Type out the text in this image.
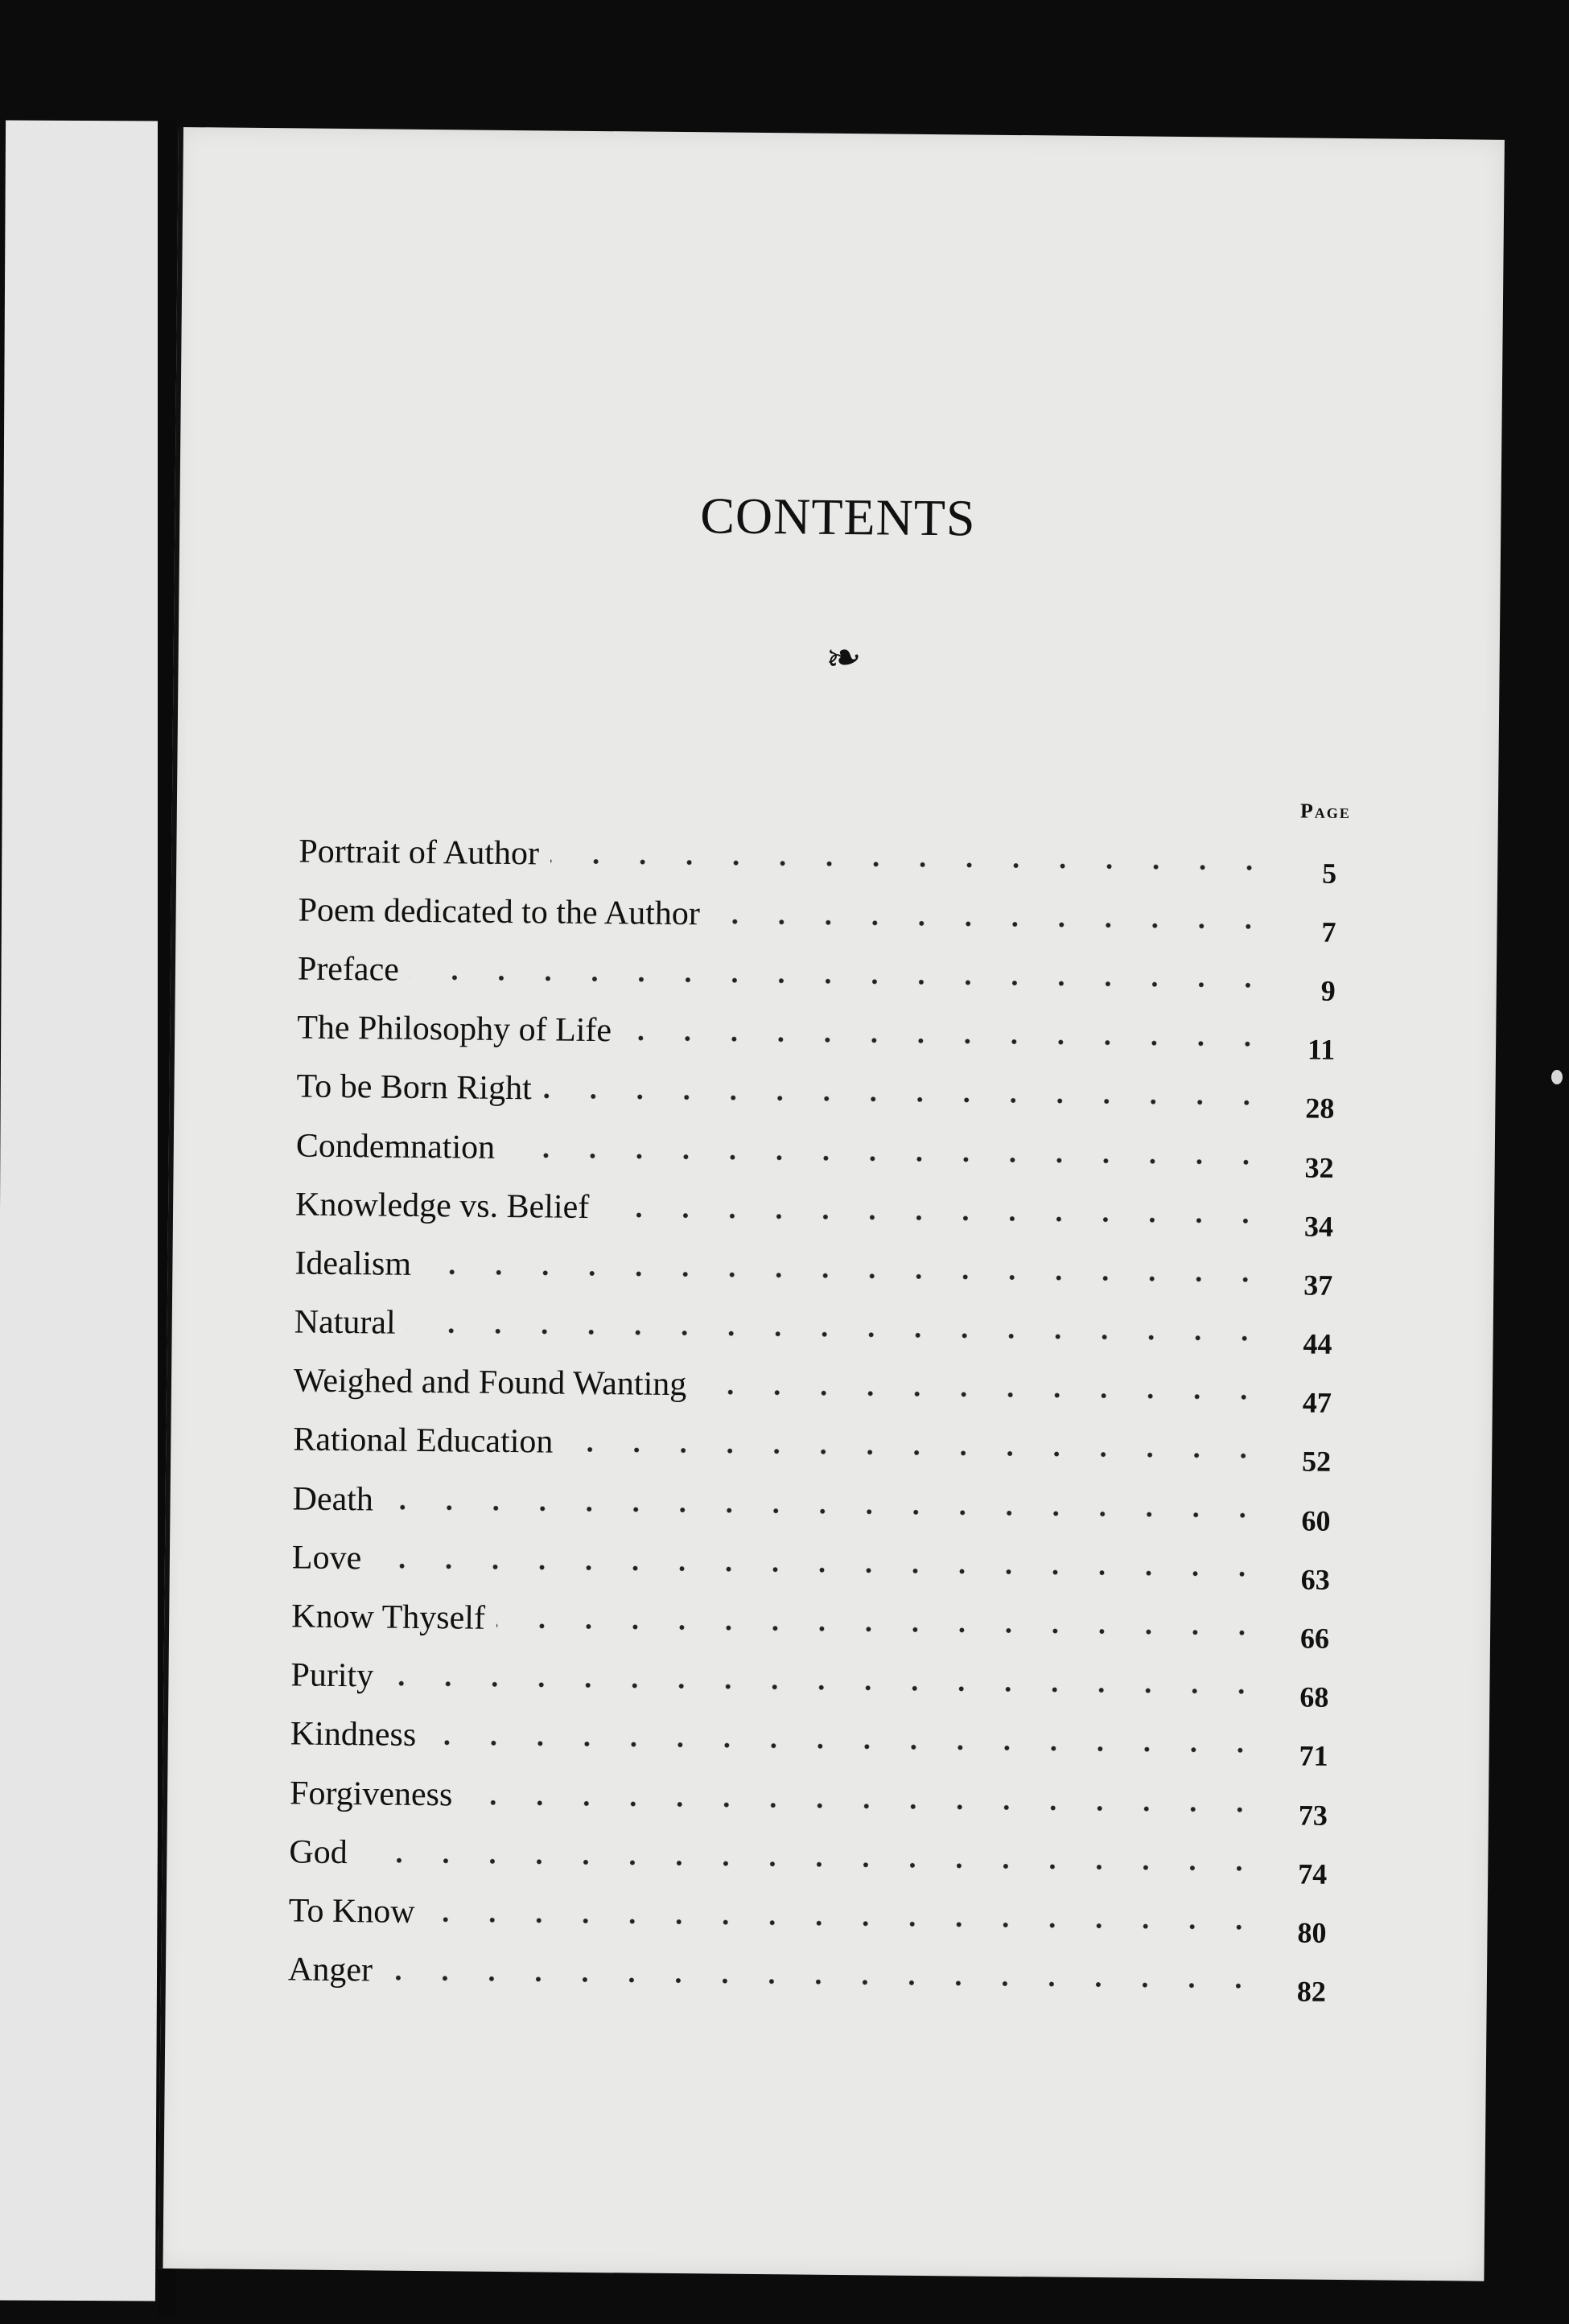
CONTENTS
❧
Page
Portrait of Author
5
Poem dedicated to the Author	7
Preface
9
The Philosophy of Life
11
To be Born Right
28
Condemnation
32
Knowledge vs. Belief
34
Idealism
37
Natural
44
Weighed and Found Wanting	47
Rational Education
52
Death
60
Love
63
Know Thyself
66
Purity
68
Kindness
71
Forgiveness
73
God
74
To Know
80
Anger
82
